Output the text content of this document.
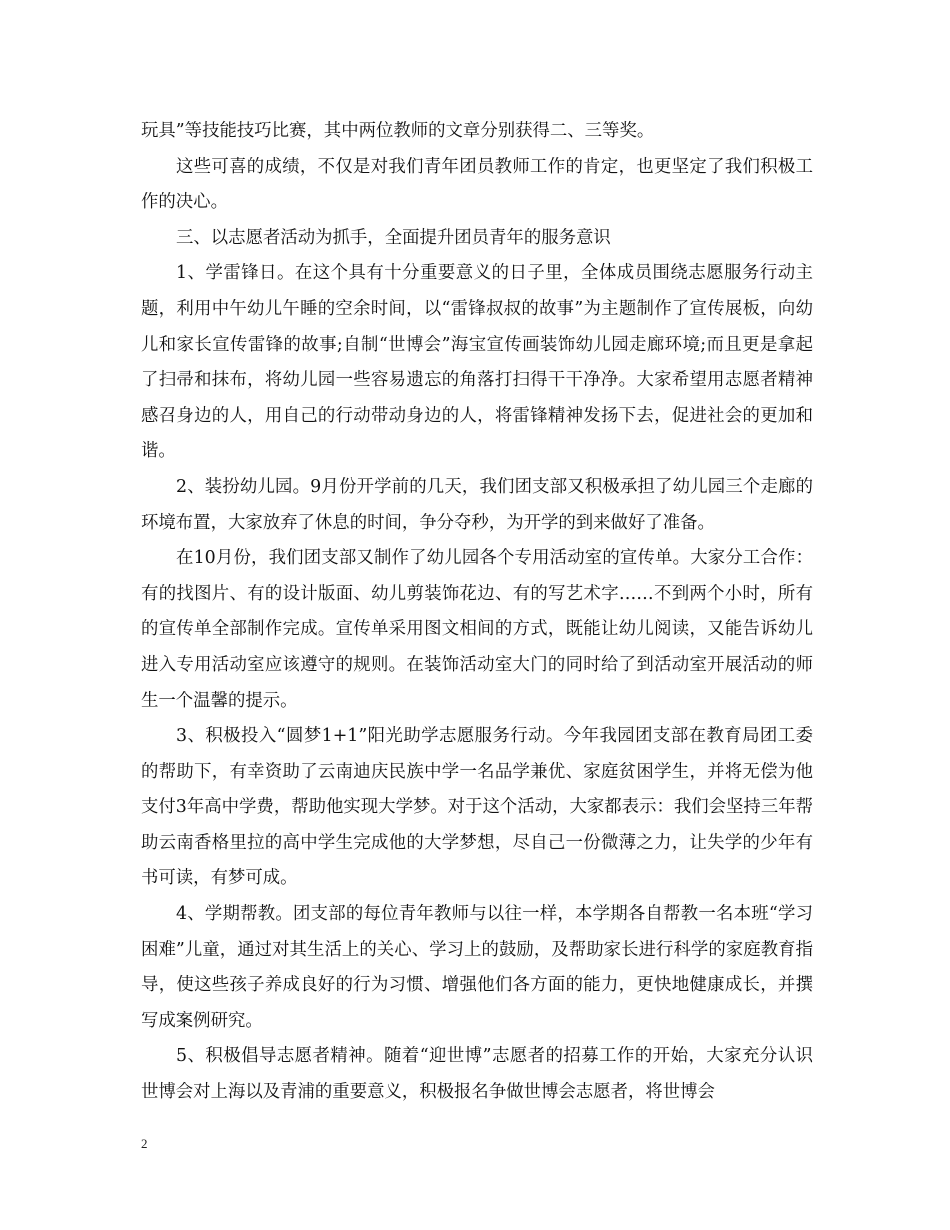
玩具”等技能技巧比赛，其中两位教师的文章分别获得二、三等奖。

这些可喜的成绩，不仅是对我们青年团员教师工作的肯定，也更坚定了我们积极工作的决心。

三、以志愿者活动为抓手，全面提升团员青年的服务意识

1、学雷锋日。在这个具有十分重要意义的日子里，全体成员围绕志愿服务行动主题，利用中午幼儿午睡的空余时间，以“雷锋叔叔的故事”为主题制作了宣传展板，向幼儿和家长宣传雷锋的故事;自制“世博会”海宝宣传画装饰幼儿园走廊环境;而且更是拿起了扫帚和抹布，将幼儿园一些容易遗忘的角落打扫得干干净净。大家希望用志愿者精神感召身边的人，用自己的行动带动身边的人，将雷锋精神发扬下去，促进社会的更加和谐。

2、装扮幼儿园。9月份开学前的几天，我们团支部又积极承担了幼儿园三个走廊的环境布置，大家放弃了休息的时间，争分夺秒，为开学的到来做好了准备。

在10月份，我们团支部又制作了幼儿园各个专用活动室的宣传单。大家分工合作：有的找图片、有的设计版面、幼儿剪装饰花边、有的写艺术字……不到两个小时，所有的宣传单全部制作完成。宣传单采用图文相间的方式，既能让幼儿阅读，又能告诉幼儿进入专用活动室应该遵守的规则。在装饰活动室大门的同时给了到活动室开展活动的师生一个温馨的提示。

3、积极投入“圆梦1+1”阳光助学志愿服务行动。今年我园团支部在教育局团工委的帮助下，有幸资助了云南迪庆民族中学一名品学兼优、家庭贫困学生，并将无偿为他支付3年高中学费，帮助他实现大学梦。对于这个活动，大家都表示：我们会坚持三年帮助云南香格里拉的高中学生完成他的大学梦想，尽自己一份微薄之力，让失学的少年有书可读，有梦可成。

4、学期帮教。团支部的每位青年教师与以往一样，本学期各自帮教一名本班“学习困难”儿童，通过对其生活上的关心、学习上的鼓励，及帮助家长进行科学的家庭教育指导，使这些孩子养成良好的行为习惯、增强他们各方面的能力，更快地健康成长，并撰写成案例研究。

5、积极倡导志愿者精神。随着“迎世博”志愿者的招募工作的开始，大家充分认识世博会对上海以及青浦的重要意义，积极报名争做世博会志愿者，将世博会

2
